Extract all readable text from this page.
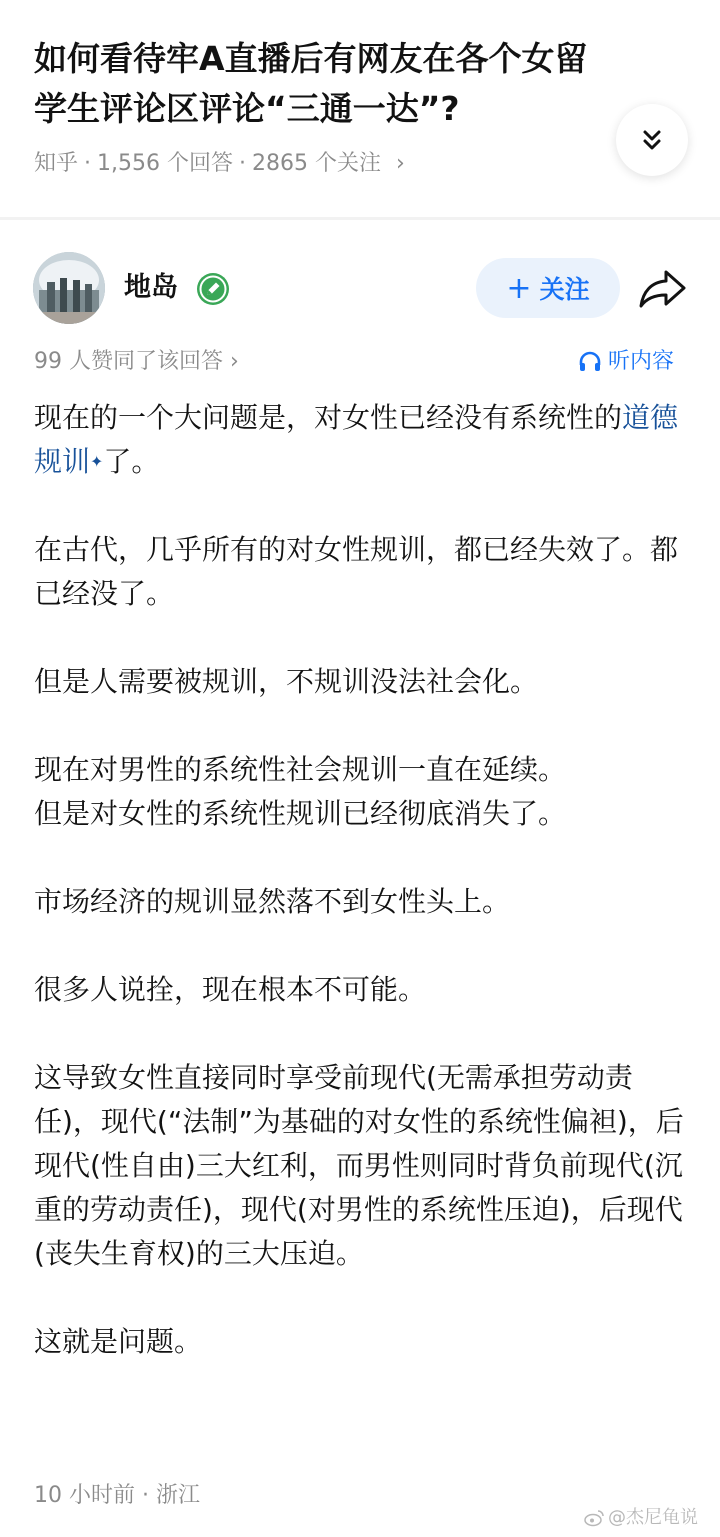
如何看待牢A直播后有网友在各个女留
学生评论区评论“三通一达”?
知乎 · 1,556 个回答 · 2865 个关注 ›
地岛	+ 关注
99 人赞同了该回答 ›	听内容

现在的一个大问题是，对女性已经没有系统性的道德规训✦了。

在古代，几乎所有的对女性规训，都已经失效了。都已经没了。

但是人需要被规训，不规训没法社会化。

现在对男性的系统性社会规训一直在延续。
但是对女性的系统性规训已经彻底消失了。

市场经济的规训显然落不到女性头上。

很多人说拴，现在根本不可能。

这导致女性直接同时享受前现代(无需承担劳动责任)，现代(“法制”为基础的对女性的系统性偏袒)，后现代(性自由)三大红利，而男性则同时背负前现代(沉重的劳动责任)，现代(对男性的系统性压迫)，后现代(丧失生育权)的三大压迫。

这就是问题。

10 小时前 · 浙江
@杰尼龟说
